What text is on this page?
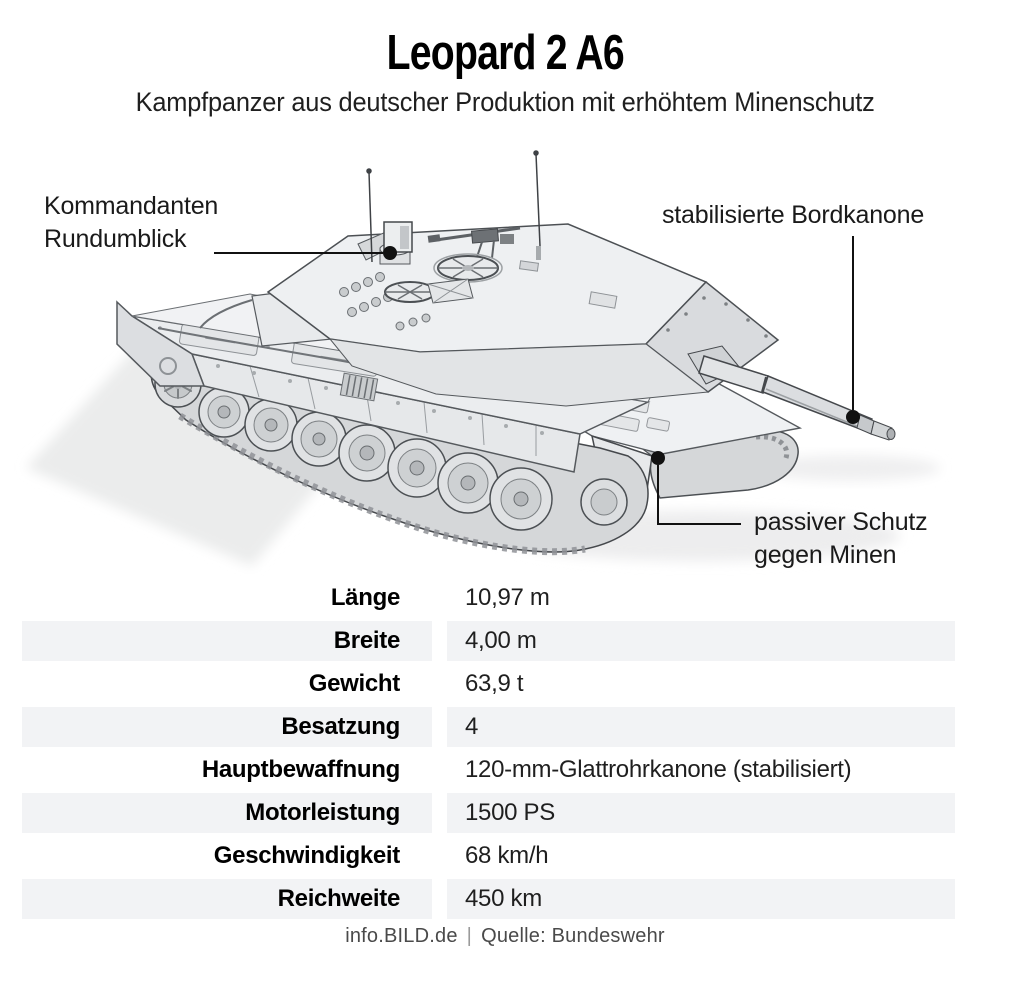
Leopard 2 A6
Kampfpanzer aus deutscher Produktion mit erhöhtem Minenschutz
Kommandanten
Rundumblick
stabilisierte Bordkanone
passiver Schutz
gegen Minen
Länge	10,97 m
Breite	4,00 m
Gewicht	63,9 t
Besatzung	4
Hauptbewaffnung	120-mm-Glattrohrkanone (stabilisiert)
Motorleistung	1500 PS
Geschwindigkeit	68 km/h
Reichweite	450 km
info.BILD.de | Quelle: Bundeswehr
